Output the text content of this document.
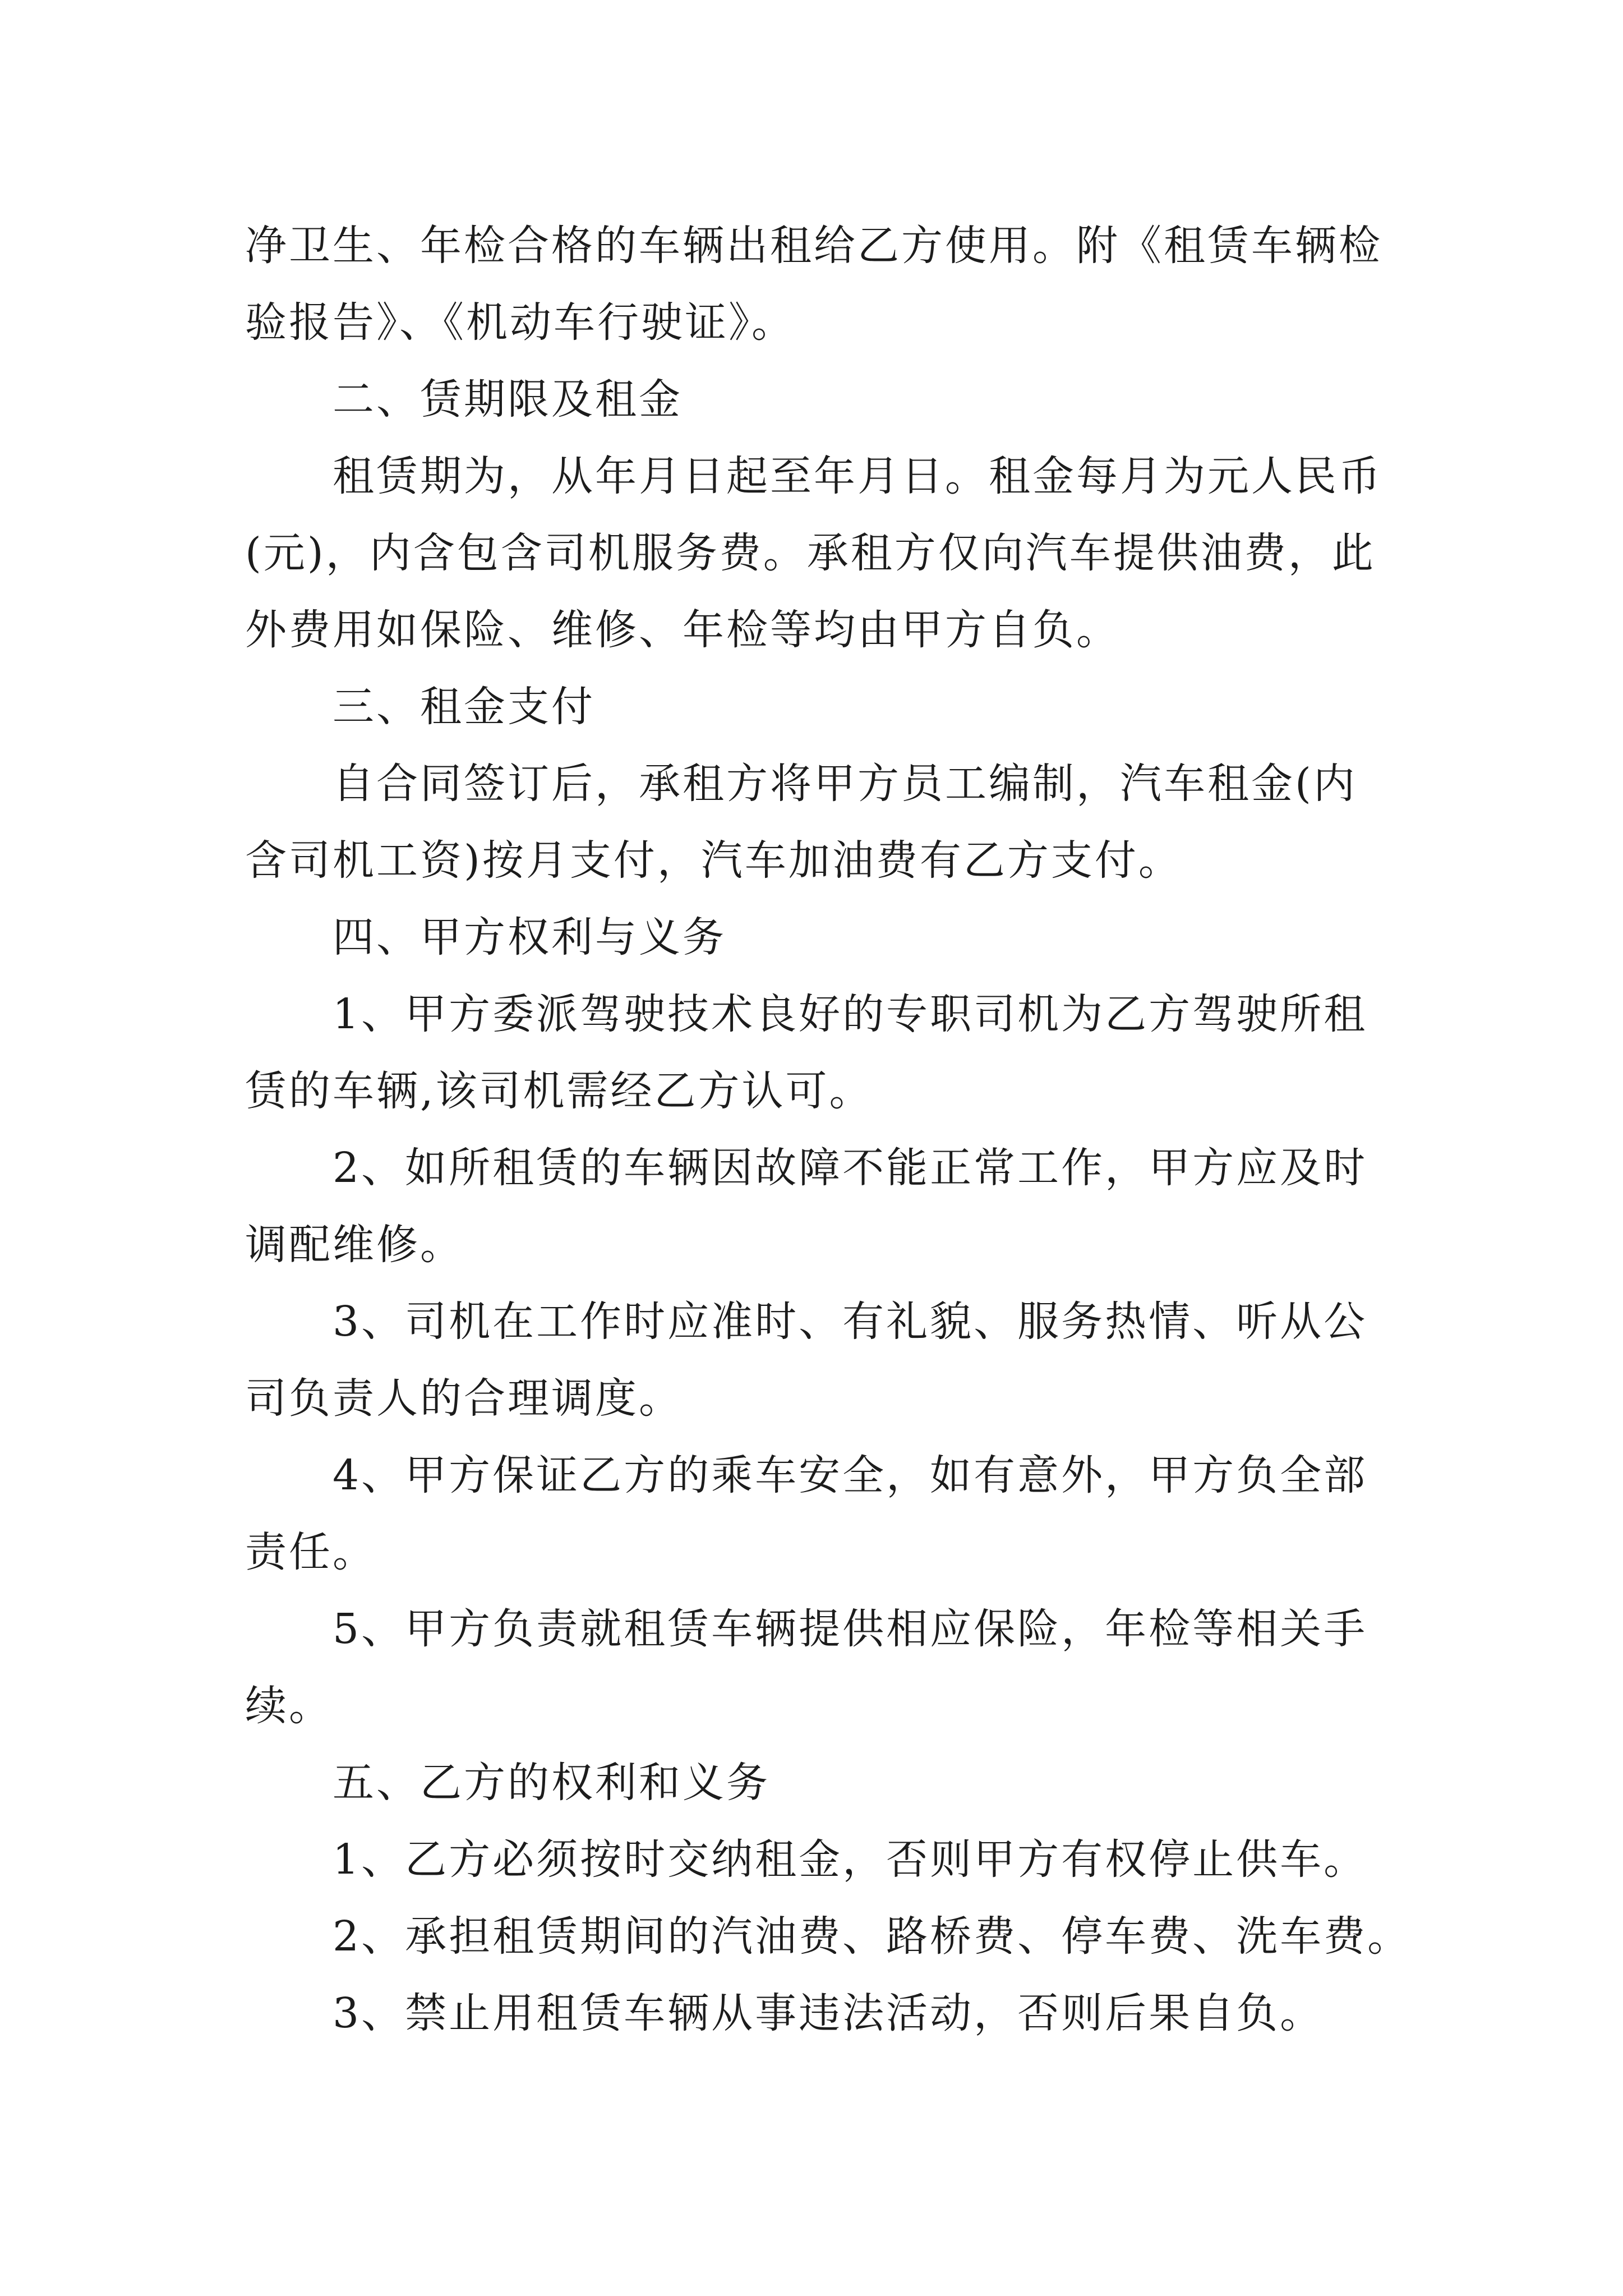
净卫生、年检合格的车辆出租给乙方使用。附《租赁车辆检
验报告》、《机动车行驶证》。
二、赁期限及租金
租赁期为，从年月日起至年月日。租金每月为元人民币
(元)，内含包含司机服务费。承租方仅向汽车提供油费，此
外费用如保险、维修、年检等均由甲方自负。
三、租金支付
自合同签订后，承租方将甲方员工编制，汽车租金(内
含司机工资)按月支付，汽车加油费有乙方支付。
四、甲方权利与义务
1、甲方委派驾驶技术良好的专职司机为乙方驾驶所租
赁的车辆,该司机需经乙方认可。
2、如所租赁的车辆因故障不能正常工作，甲方应及时
调配维修。
3、司机在工作时应准时、有礼貌、服务热情、听从公
司负责人的合理调度。
4、甲方保证乙方的乘车安全，如有意外，甲方负全部
责任。
5、甲方负责就租赁车辆提供相应保险，年检等相关手
续。
五、乙方的权利和义务
1、乙方必须按时交纳租金，否则甲方有权停止供车。
2、承担租赁期间的汽油费、路桥费、停车费、洗车费。
3、禁止用租赁车辆从事违法活动，否则后果自负。
